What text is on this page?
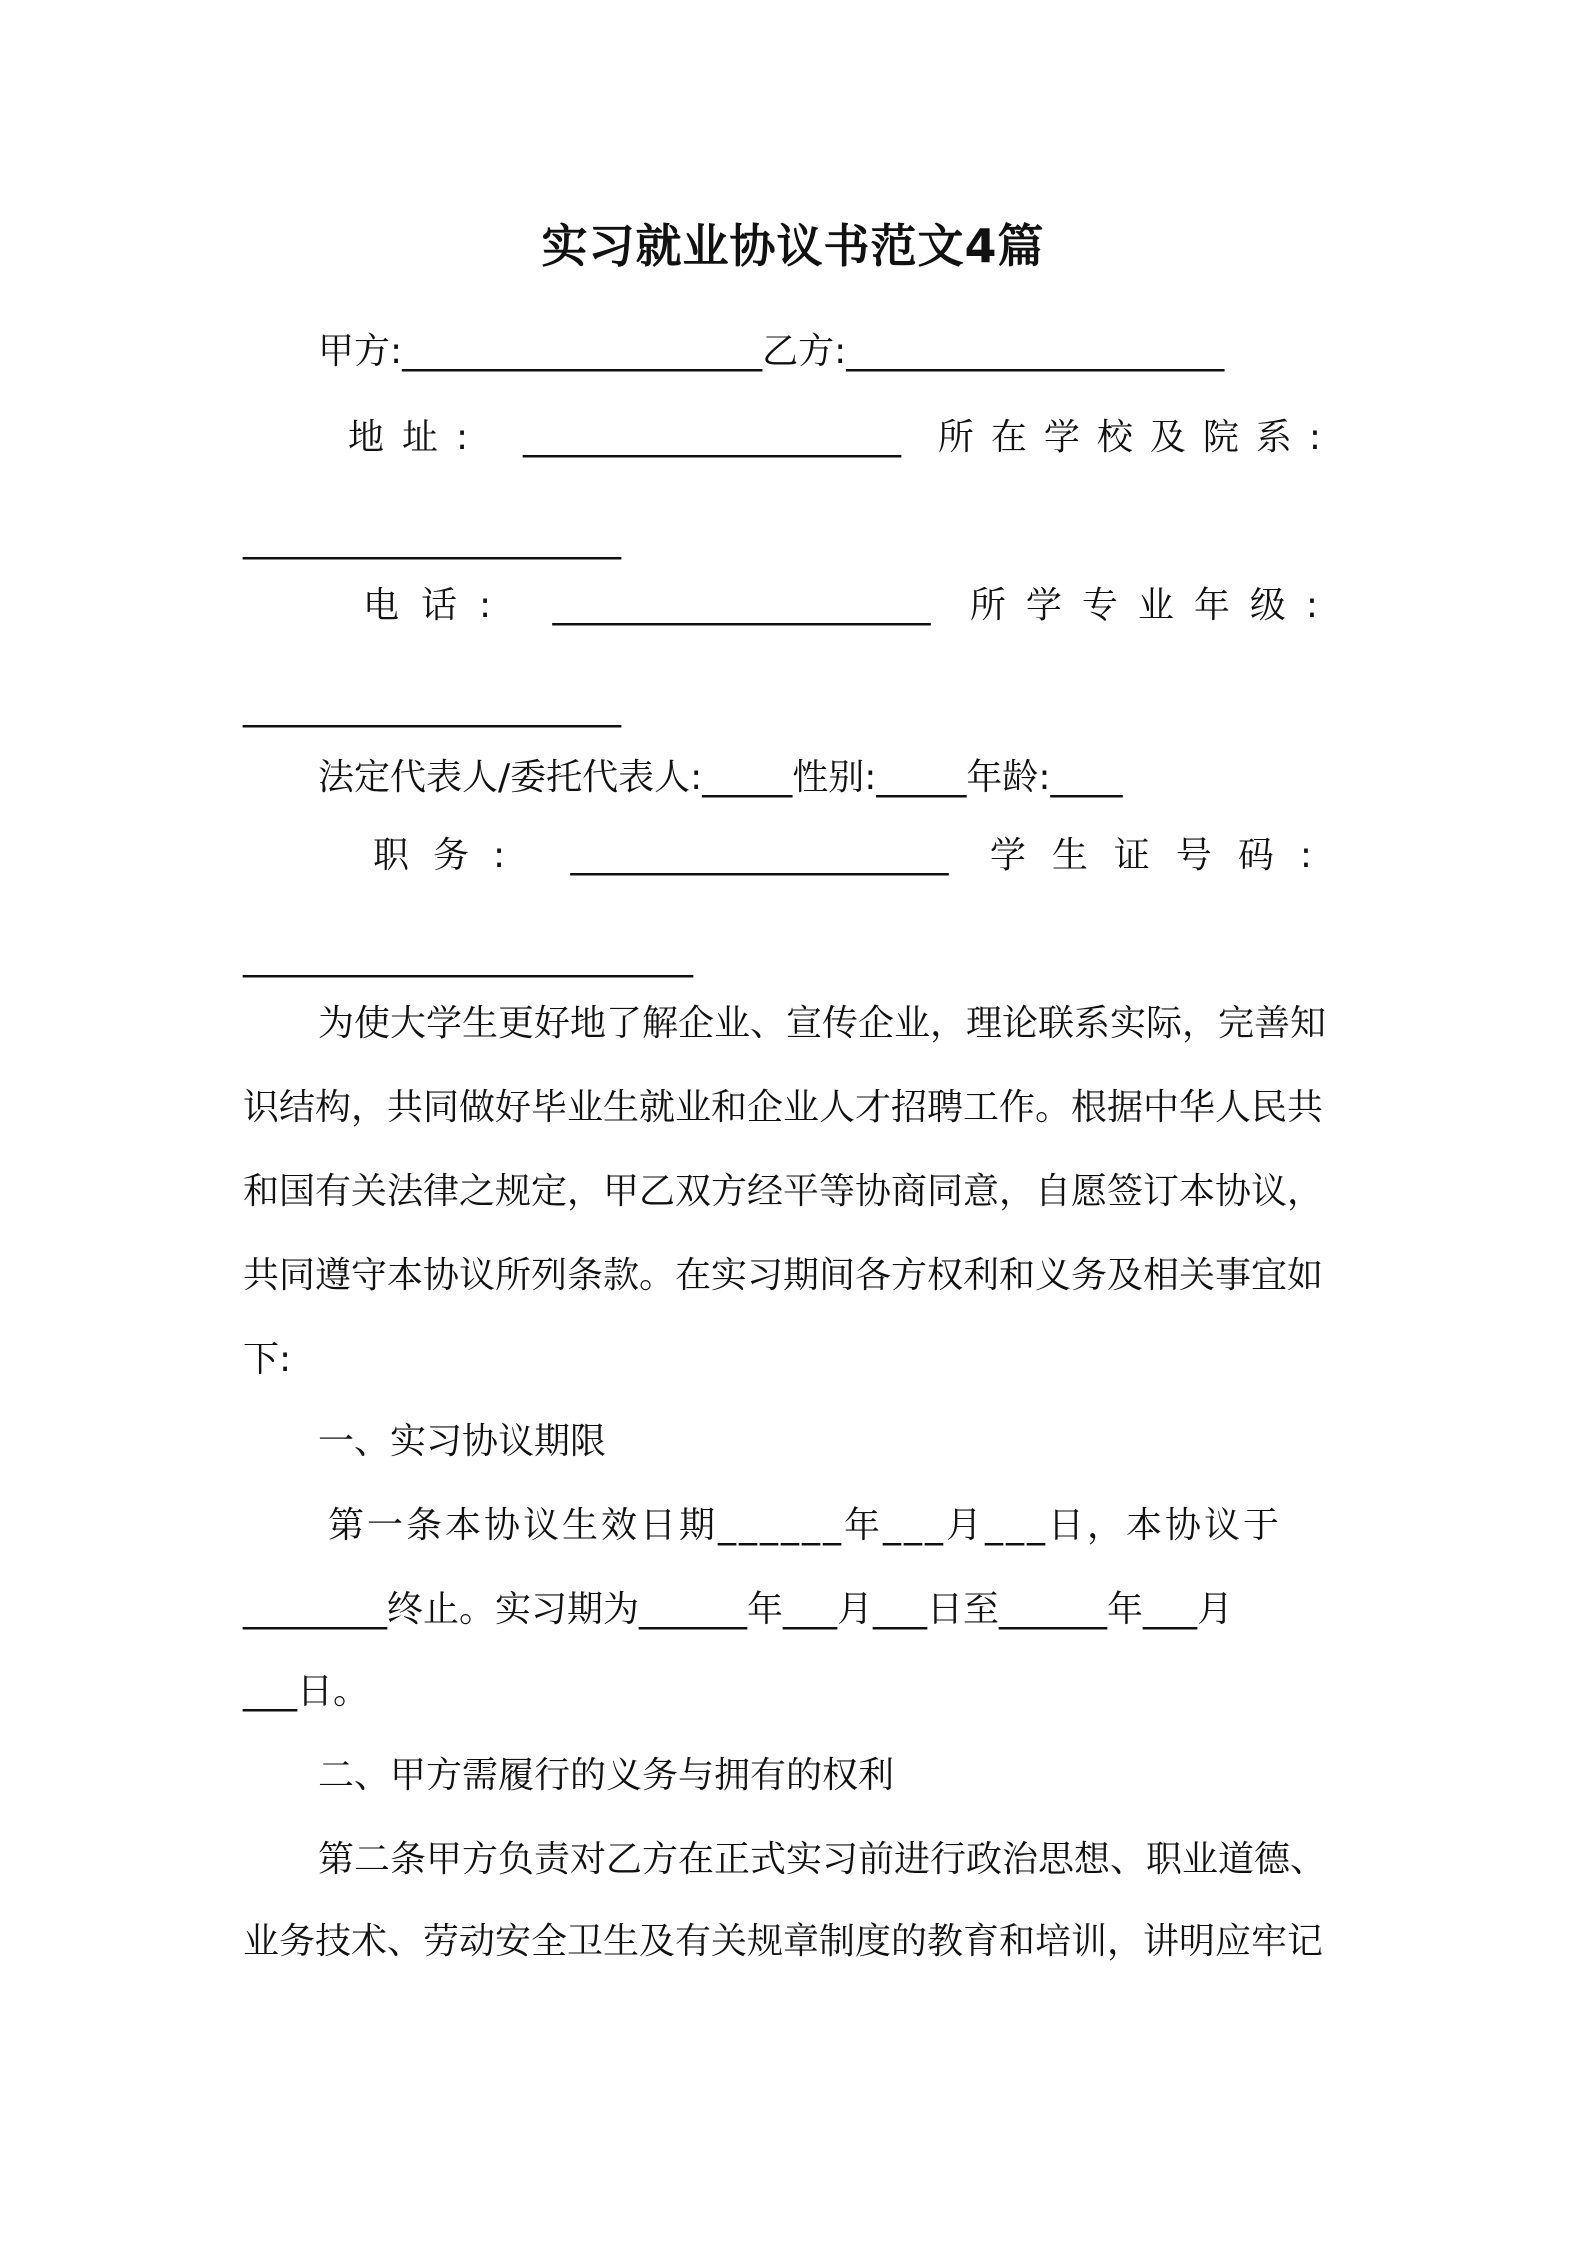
实习就业协议书范文4篇
甲方:____________________乙方:_____________________
地址: _____________________ 所在学校及院系:
_____________________
电话: _____________________ 所学专业年级:
_____________________
法定代表人/委托代表人:_____性别:_____年龄:____
职务: _____________________ 学生证号码:
_________________________
为使大学生更好地了解企业、宣传企业，理论联系实际，完善知
识结构，共同做好毕业生就业和企业人才招聘工作。根据中华人民共
和国有关法律之规定，甲乙双方经平等协商同意，自愿签订本协议，
共同遵守本协议所列条款。在实习期间各方权利和义务及相关事宜如
下:
一、实习协议期限
第一条本协议生效日期______年___月___日，本协议于
________终止。实习期为______年___月___日至______年___月
___日。
二、甲方需履行的义务与拥有的权利
第二条甲方负责对乙方在正式实习前进行政治思想、职业道德、
业务技术、劳动安全卫生及有关规章制度的教育和培训，讲明应牢记
